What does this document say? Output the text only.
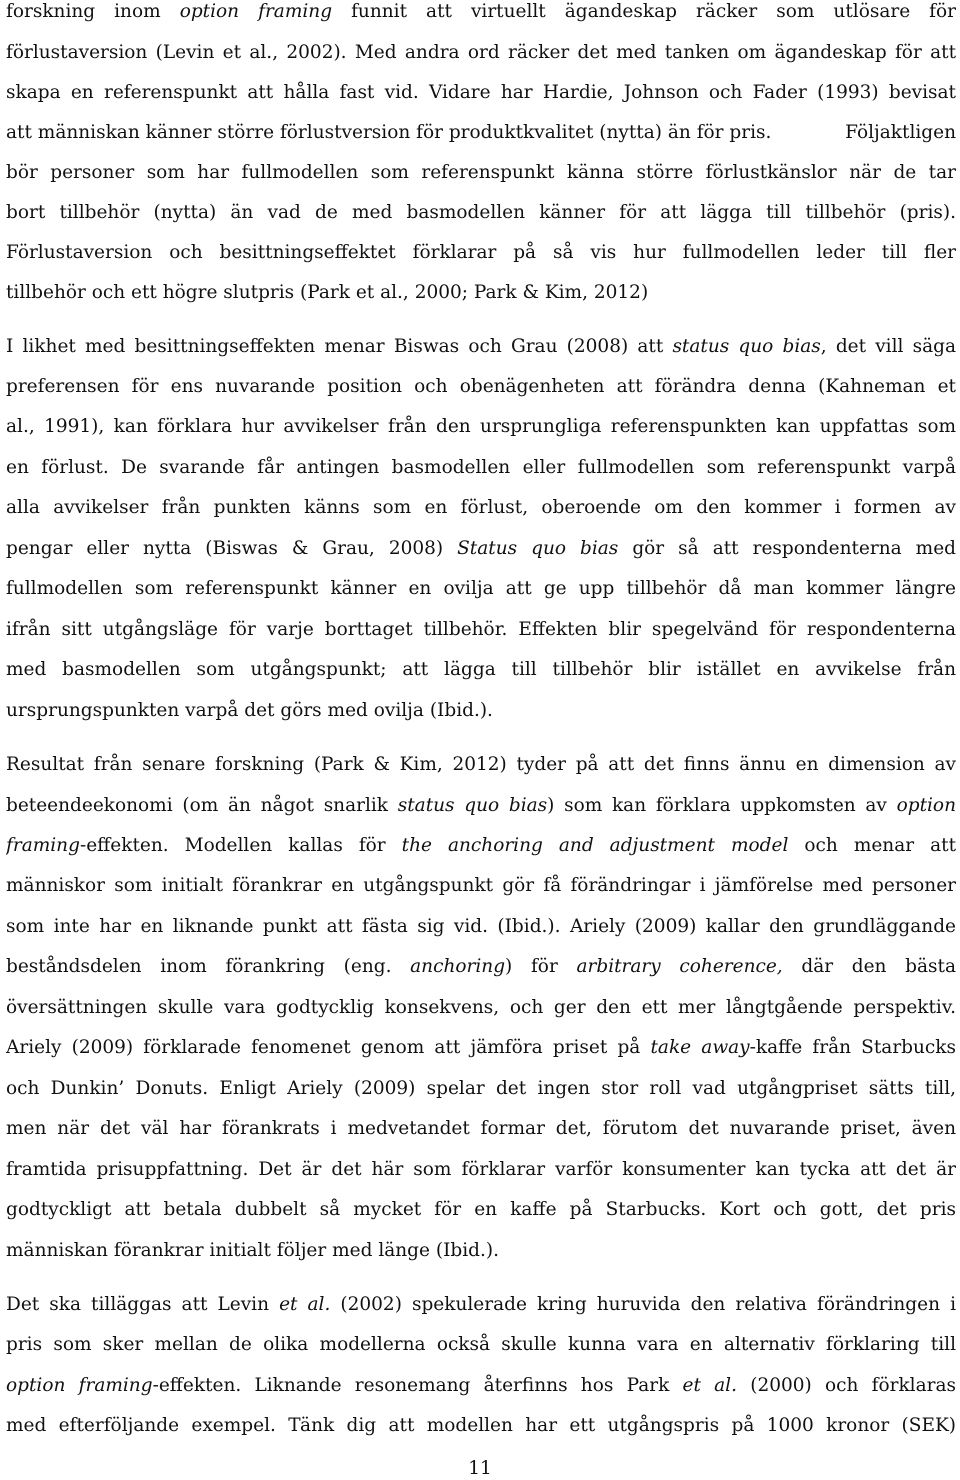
forskning inom option framing funnit att virtuellt ägandeskap räcker som utlösare för
förlustaversion (Levin et al., 2002). Med andra ord räcker det med tanken om ägandeskap för att
skapa en referenspunkt att hålla fast vid. Vidare har Hardie, Johnson och Fader (1993) bevisat
att människan känner större förlustversion för produktkvalitet (nytta) än för pris.	Följaktligen
bör personer som har fullmodellen som referenspunkt känna större förlustkänslor när de tar
bort tillbehör (nytta) än vad de med basmodellen känner för att lägga till tillbehör (pris).
Förlustaversion och besittningseffektet förklarar på så vis hur fullmodellen leder till fler
tillbehör och ett högre slutpris (Park et al., 2000; Park & Kim, 2012)
I likhet med besittningseffekten menar Biswas och Grau (2008) att status quo bias, det vill säga
preferensen för ens nuvarande position och obenägenheten att förändra denna (Kahneman et
al., 1991), kan förklara hur avvikelser från den ursprungliga referenspunkten kan uppfattas som
en förlust. De svarande får antingen basmodellen eller fullmodellen som referenspunkt varpå
alla avvikelser från punkten känns som en förlust, oberoende om den kommer i formen av
pengar eller nytta (Biswas & Grau, 2008) Status quo bias gör så att respondenterna med
fullmodellen som referenspunkt känner en ovilja att ge upp tillbehör då man kommer längre
ifrån sitt utgångsläge för varje borttaget tillbehör. Effekten blir spegelvänd för respondenterna
med basmodellen som utgångspunkt; att lägga till tillbehör blir istället en avvikelse från
ursprungspunkten varpå det görs med ovilja (Ibid.).
Resultat från senare forskning (Park & Kim, 2012) tyder på att det finns ännu en dimension av
beteendeekonomi (om än något snarlik status quo bias) som kan förklara uppkomsten av option
framing-effekten. Modellen kallas för the anchoring and adjustment model och menar att
människor som initialt förankrar en utgångspunkt gör få förändringar i jämförelse med personer
som inte har en liknande punkt att fästa sig vid. (Ibid.). Ariely (2009) kallar den grundläggande
beståndsdelen inom förankring (eng. anchoring) för arbitrary coherence, där den bästa
översättningen skulle vara godtycklig konsekvens, och ger den ett mer långtgående perspektiv.
Ariely (2009) förklarade fenomenet genom att jämföra priset på take away-kaffe från Starbucks
och Dunkin’ Donuts. Enligt Ariely (2009) spelar det ingen stor roll vad utgångpriset sätts till,
men när det väl har förankrats i medvetandet formar det, förutom det nuvarande priset, även
framtida prisuppfattning. Det är det här som förklarar varför konsumenter kan tycka att det är
godtyckligt att betala dubbelt så mycket för en kaffe på Starbucks. Kort och gott, det pris
människan förankrar initialt följer med länge (Ibid.).
Det ska tilläggas att Levin et al. (2002) spekulerade kring huruvida den relativa förändringen i
pris som sker mellan de olika modellerna också skulle kunna vara en alternativ förklaring till
option framing-effekten. Liknande resonemang återfinns hos Park et al. (2000) och förklaras
med efterföljande exempel. Tänk dig att modellen har ett utgångspris på 1000 kronor (SEK)
11
